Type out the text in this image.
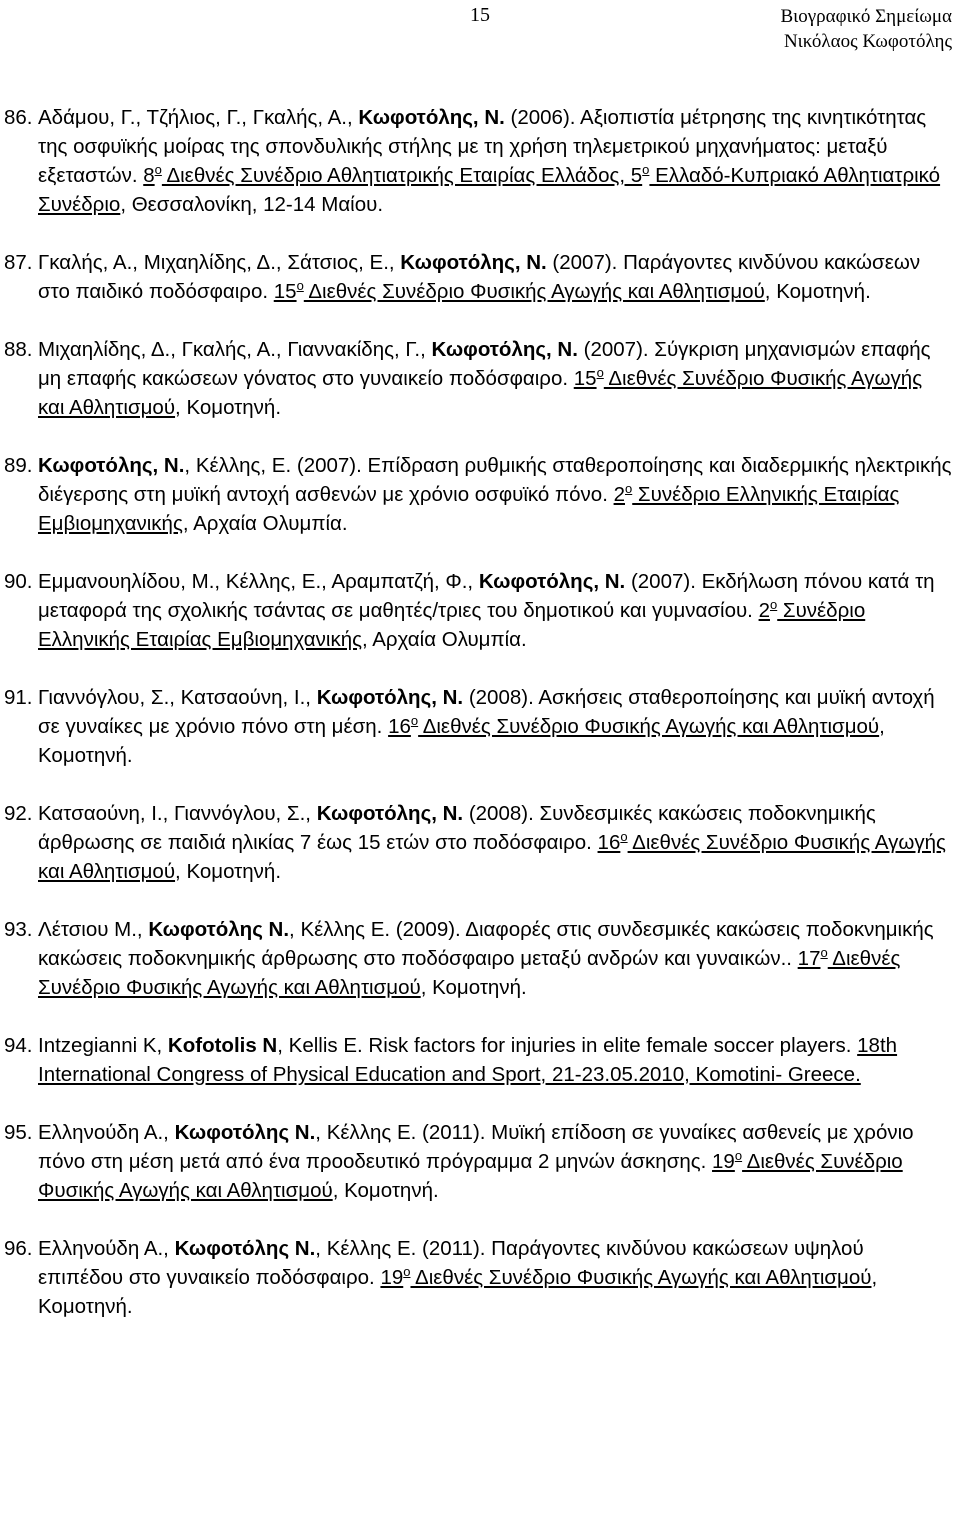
15	Βιογραφικό Σημείωμα
Νικόλαος Κωφοτόλης
86. Αδάμου, Γ., Τζήλιος, Γ., Γκαλής, Α., Κωφοτόλης, Ν. (2006). Αξιοπιστία μέτρησης της κινητικότητας της οσφυϊκής μοίρας της σπονδυλικής στήλης με τη χρήση τηλεμετρικού μηχανήματος: μεταξύ εξεταστών. $8^o$ Διεθνές Συνέδριο Αθλητιατρικής Εταιρίας Ελλάδος, $5^o$ Ελλαδό-Κυπριακό Αθλητιατρικό Συνέδριο, Θεσσαλονίκη, 12-14 Μαίου.
87. Γκαλής, Α., Μιχαηλίδης, Δ., Σάτσιος, Ε., Κωφοτόλης, Ν. (2007). Παράγοντες κινδύνου κακώσεων στο παιδικό ποδόσφαιρο. $15^o$ Διεθνές Συνέδριο Φυσικής Αγωγής και Αθλητισμού, Κομοτηνή.
88. Μιχαηλίδης, Δ., Γκαλής, Α., Γιαννακίδης, Γ., Κωφοτόλης, Ν. (2007). Σύγκριση μηχανισμών επαφής μη επαφής κακώσεων γόνατος στο γυναικείο ποδόσφαιρο. $15^o$ Διεθνές Συνέδριο Φυσικής Αγωγής και Αθλητισμού, Κομοτηνή.
89. Κωφοτόλης, Ν., Κέλλης, Ε. (2007). Επίδραση ρυθμικής σταθεροποίησης και διαδερμικής ηλεκτρικής διέγερσης στη μυϊκή αντοχή ασθενών με χρόνιο οσφυϊκό πόνο. $2^o$ Συνέδριο Ελληνικής Εταιρίας Εμβιομηχανικής, Αρχαία Ολυμπία.
90. Εμμανουηλίδου, Μ., Κέλλης, Ε., Αραμπατζή, Φ., Κωφοτόλης, Ν. (2007). Εκδήλωση πόνου κατά τη μεταφορά της σχολικής τσάντας σε μαθητές/τριες του δημοτικού και γυμνασίου. $2^o$ Συνέδριο Ελληνικής Εταιρίας Εμβιομηχανικής, Αρχαία Ολυμπία.
91. Γιαννόγλου, Σ., Κατσαούνη, Ι., Κωφοτόλης, Ν. (2008). Ασκήσεις σταθεροποίησης και μυϊκή αντοχή σε γυναίκες με χρόνιο πόνο στη μέση. $16^o$ Διεθνές Συνέδριο Φυσικής Αγωγής και Αθλητισμού, Κομοτηνή.
92. Κατσαούνη, Ι., Γιαννόγλου, Σ., Κωφοτόλης, Ν. (2008). Συνδεσμικές κακώσεις ποδοκνημικής άρθρωσης σε παιδιά ηλικίας 7 έως 15 ετών στο ποδόσφαιρο. $16^o$ Διεθνές Συνέδριο Φυσικής Αγωγής και Αθλητισμού, Κομοτηνή.
93. Λέτσιου Μ., Κωφοτόλης Ν., Κέλλης Ε. (2009). Διαφορές στις συνδεσμικές κακώσεις ποδοκνημικής κακώσεις ποδοκνημικής άρθρωσης στο ποδόσφαιρο μεταξύ ανδρών και γυναικών.. $17^o$ Διεθνές Συνέδριο Φυσικής Αγωγής και Αθλητισμού, Κομοτηνή.
94. Intzegianni K, Kofotolis N, Kellis E. Risk factors for injuries in elite female soccer players. 18th International Congress of Physical Education and Sport, 21-23.05.2010, Komotini- Greece.
95. Ελληνούδη Α., Κωφοτόλης Ν., Κέλλης Ε. (2011). Μυϊκή επίδοση σε γυναίκες ασθενείς με χρόνιο πόνο στη μέση μετά από ένα προοδευτικό πρόγραμμα 2 μηνών άσκησης. $19^o$ Διεθνές Συνέδριο Φυσικής Αγωγής και Αθλητισμού, Κομοτηνή.
96. Ελληνούδη Α., Κωφοτόλης Ν., Κέλλης Ε. (2011). Παράγοντες κινδύνου κακώσεων υψηλού επιπέδου στο γυναικείο ποδόσφαιρο. $19^o$ Διεθνές Συνέδριο Φυσικής Αγωγής και Αθλητισμού, Κομοτηνή.
